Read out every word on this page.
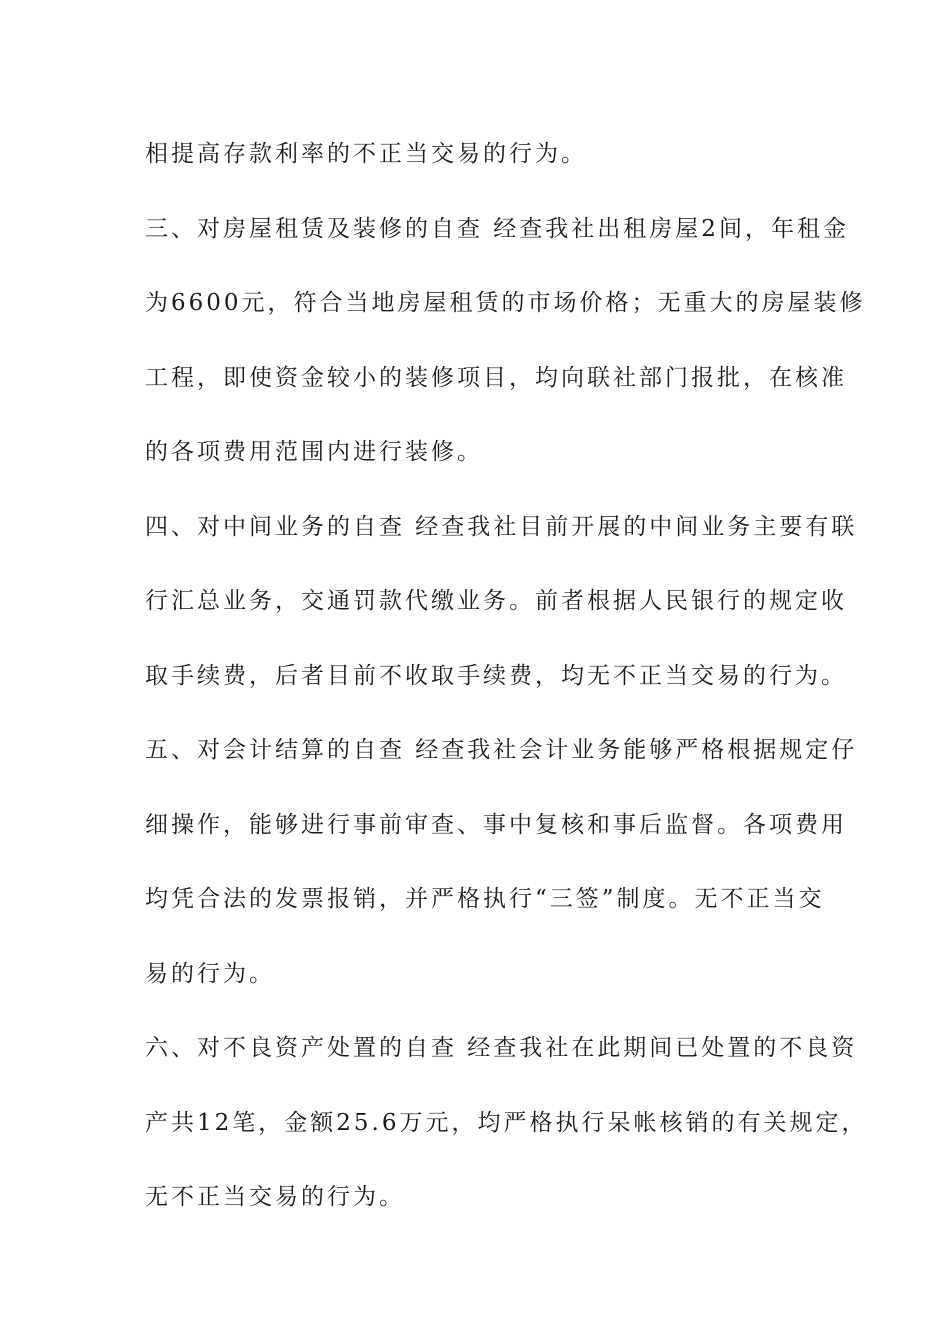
相提高存款利率的不正当交易的行为。
三、对房屋租赁及装修的自查 经查我社出租房屋2间，年租金
为6600元，符合当地房屋租赁的市场价格；无重大的房屋装修
工程，即使资金较小的装修项目，均向联社部门报批，在核准
的各项费用范围内进行装修。
四、对中间业务的自查 经查我社目前开展的中间业务主要有联
行汇总业务，交通罚款代缴业务。前者根据人民银行的规定收
取手续费，后者目前不收取手续费，均无不正当交易的行为。
五、对会计结算的自查 经查我社会计业务能够严格根据规定仔
细操作，能够进行事前审查、事中复核和事后监督。各项费用
均凭合法的发票报销，并严格执行“三签”制度。无不正当交
易的行为。
六、对不良资产处置的自查 经查我社在此期间已处置的不良资
产共12笔，金额25.6万元，均严格执行呆帐核销的有关规定，
无不正当交易的行为。
